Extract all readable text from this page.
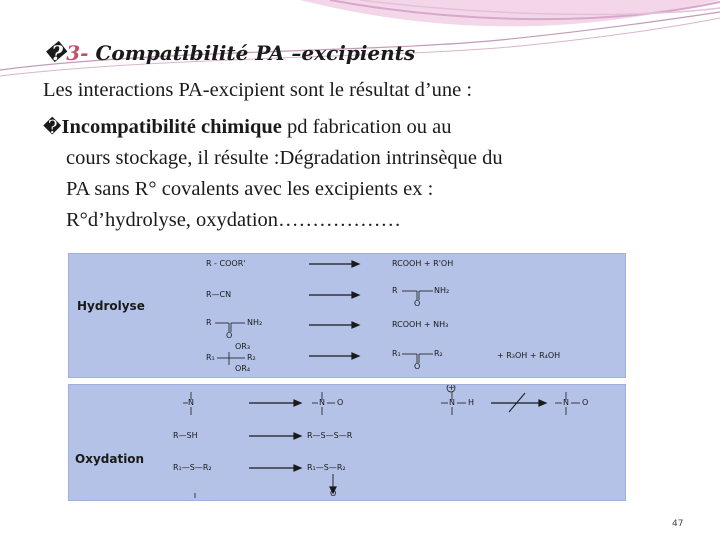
�3- Compatibilité PA –excipients
Les interactions PA-excipient sont le résultat d’une :
�Incompatibilité chimique pd fabrication ou au
cours stockage, il résulte :Dégradation intrinsèque du
PA sans R° covalents avec les excipients ex :
R°d’hydrolyse, oxydation………………
Hydrolyse
R - COOR'	RCOOH + R'OH
R—CN	R	NH₂
O
R	NH₂
O
RCOOH + NH₃
R₁	R₂
OR₃
OR₄
R₁	R₂
O
+ R₃OH + R₄OH
Oxydation
N	N O	N H
+
N O
R—SH	R—S—S—R
R₁—S—R₂	R₁—S—R₂
O
47
